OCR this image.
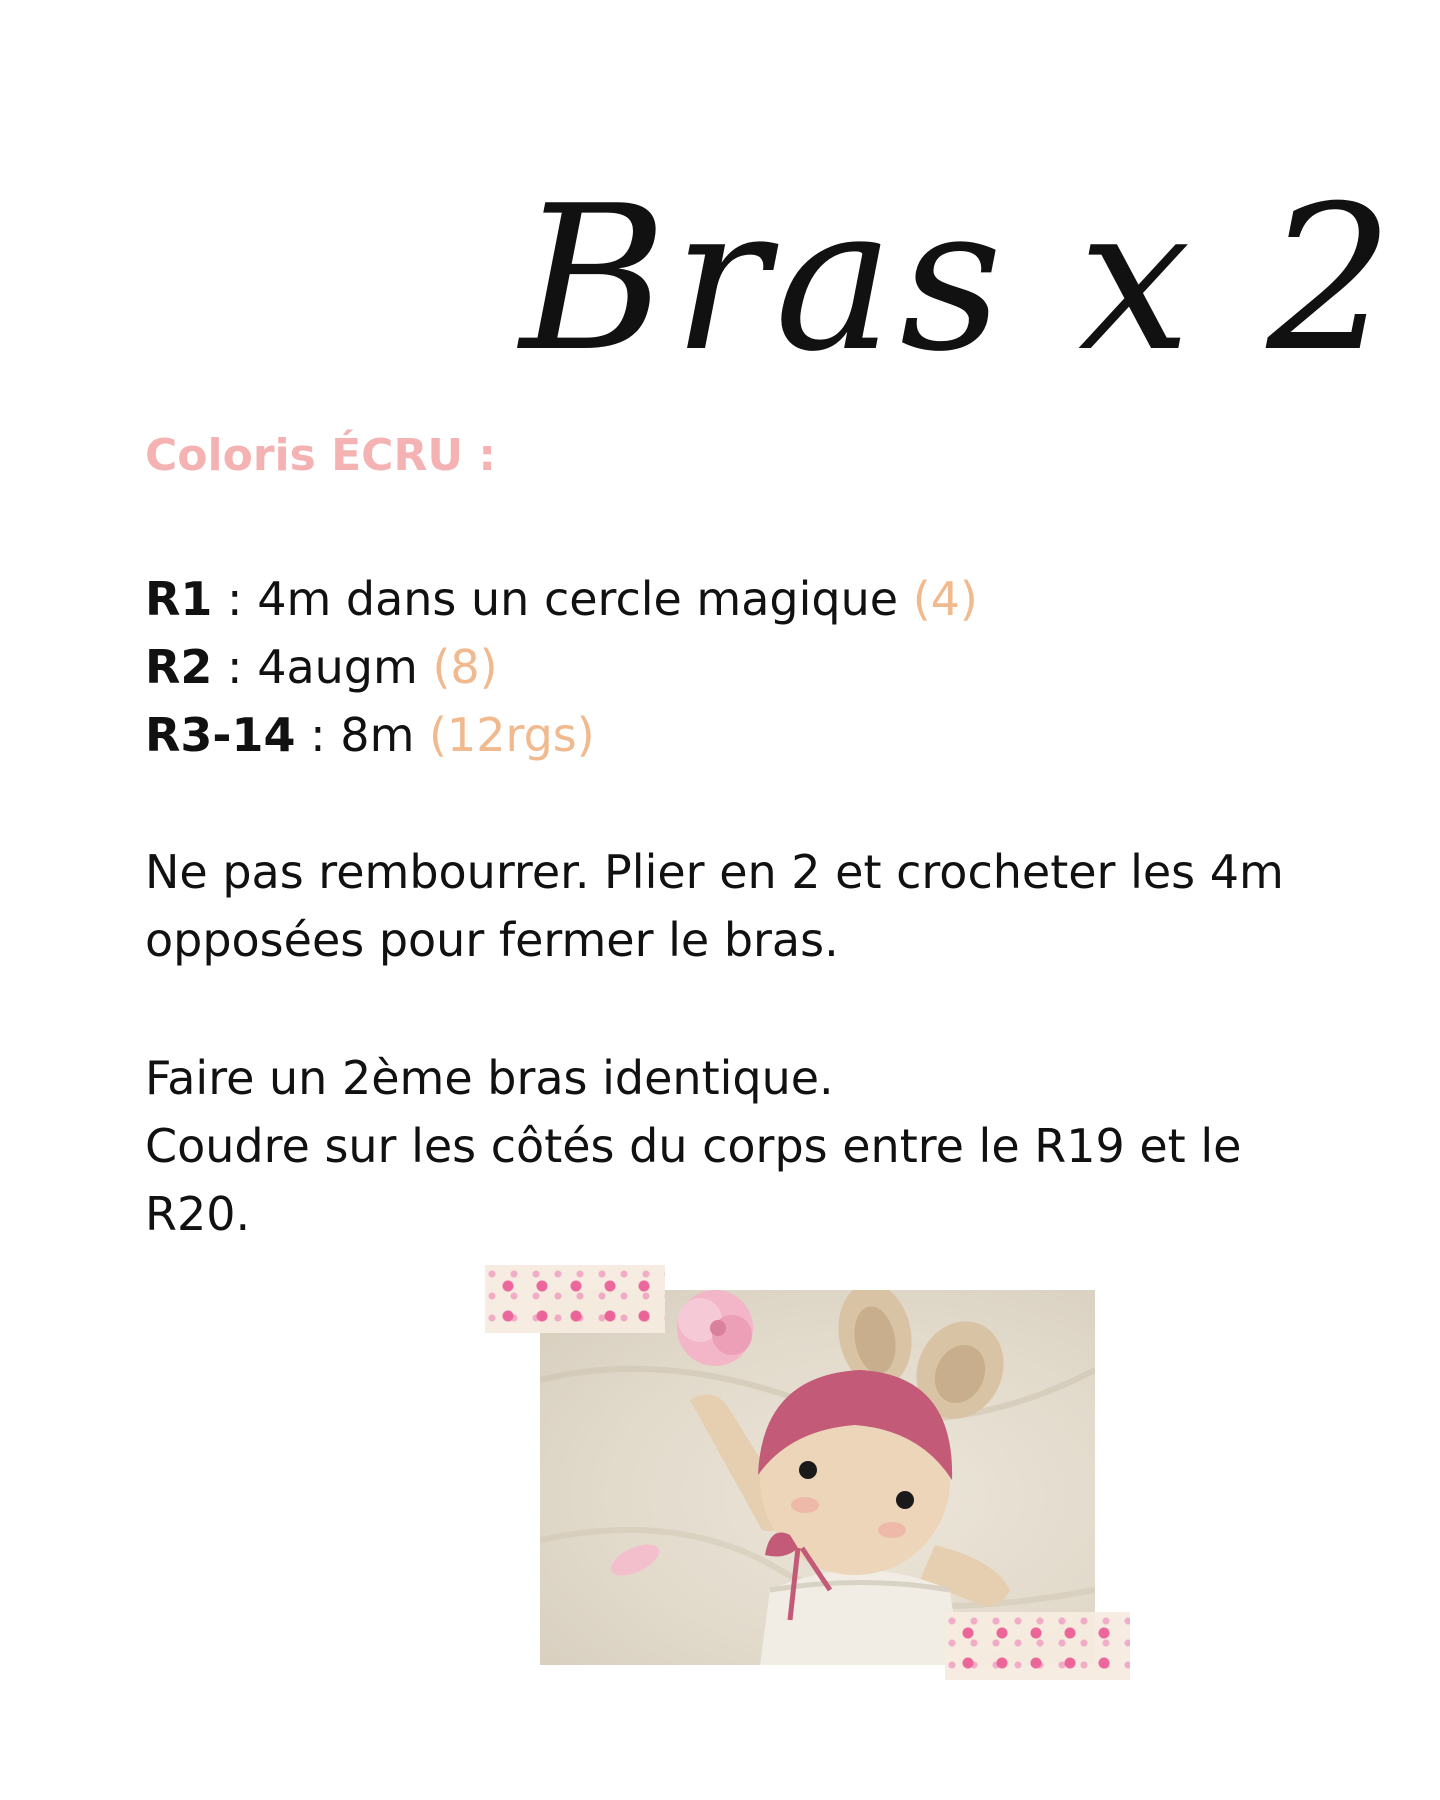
Bras x 2
Coloris ÉCRU :
R1 : 4m dans un cercle magique (4)
R2 : 4augm (8)
R3-14 : 8m (12rgs)

Ne pas rembourrer. Plier en 2 et crocheter les 4m opposées pour fermer le bras.

Faire un 2ème bras identique.
Coudre sur les côtés du corps entre le R19 et le R20.
